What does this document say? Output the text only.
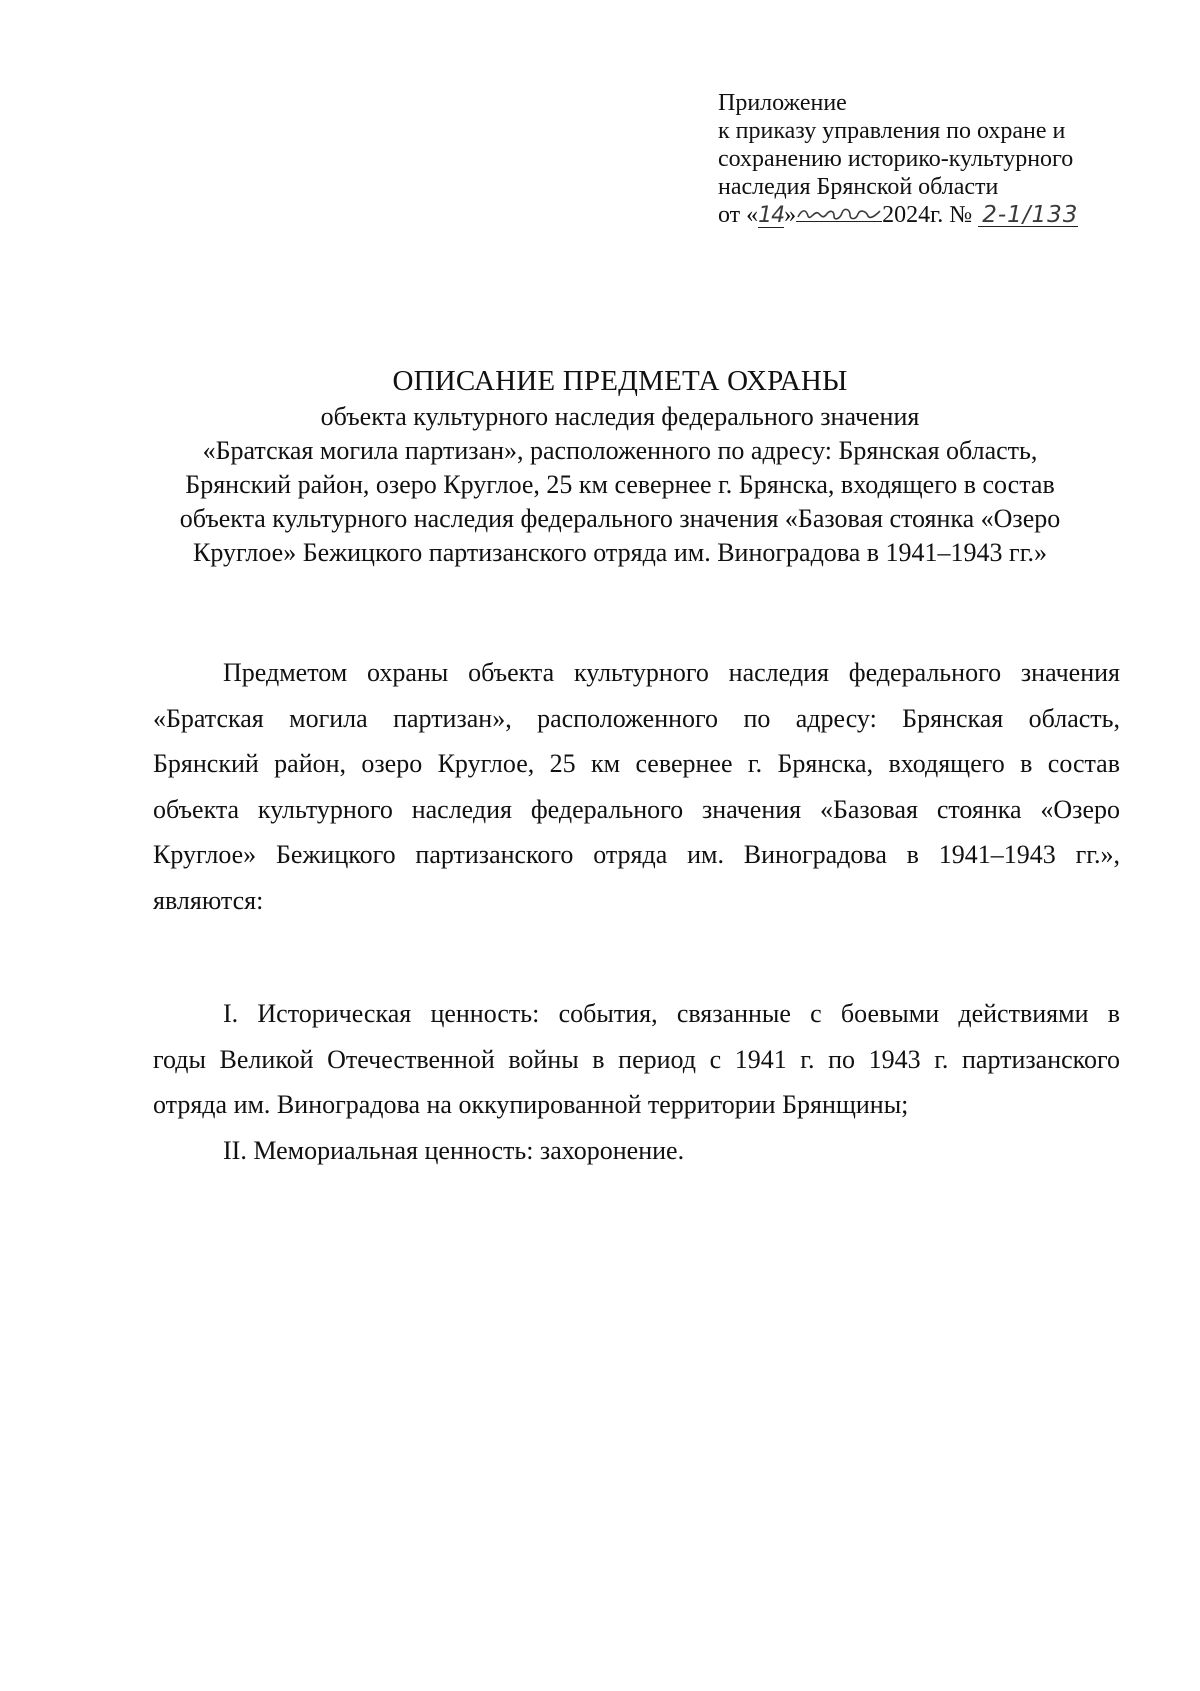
Приложение
к приказу управления по охране и
сохранению историко-культурного
наследия Брянской области
от «14»	2024г. № 2-1/133
ОПИСАНИЕ ПРЕДМЕТА ОХРАНЫ
объекта культурного наследия федерального значения
«Братская могила партизан», расположенного по адресу: Брянская область,
Брянский район, озеро Круглое, 25 км севернее г. Брянска, входящего в состав
объекта культурного наследия федерального значения «Базовая стоянка «Озеро
Круглое» Бежицкого партизанского отряда им. Виноградова в 1941–1943 гг.»
Предметом охраны объекта культурного наследия федерального значения
«Братская могила партизан», расположенного по адресу: Брянская область,
Брянский район, озеро Круглое, 25 км севернее г. Брянска, входящего в состав
объекта культурного наследия федерального значения «Базовая стоянка «Озеро
Круглое» Бежицкого партизанского отряда им. Виноградова в 1941–1943 гг.»,
являются:
I. Историческая ценность: события, связанные с боевыми действиями в
годы Великой Отечественной войны в период с 1941 г. по 1943 г. партизанского
отряда им. Виноградова на оккупированной территории Брянщины;
II. Мемориальная ценность: захоронение.
